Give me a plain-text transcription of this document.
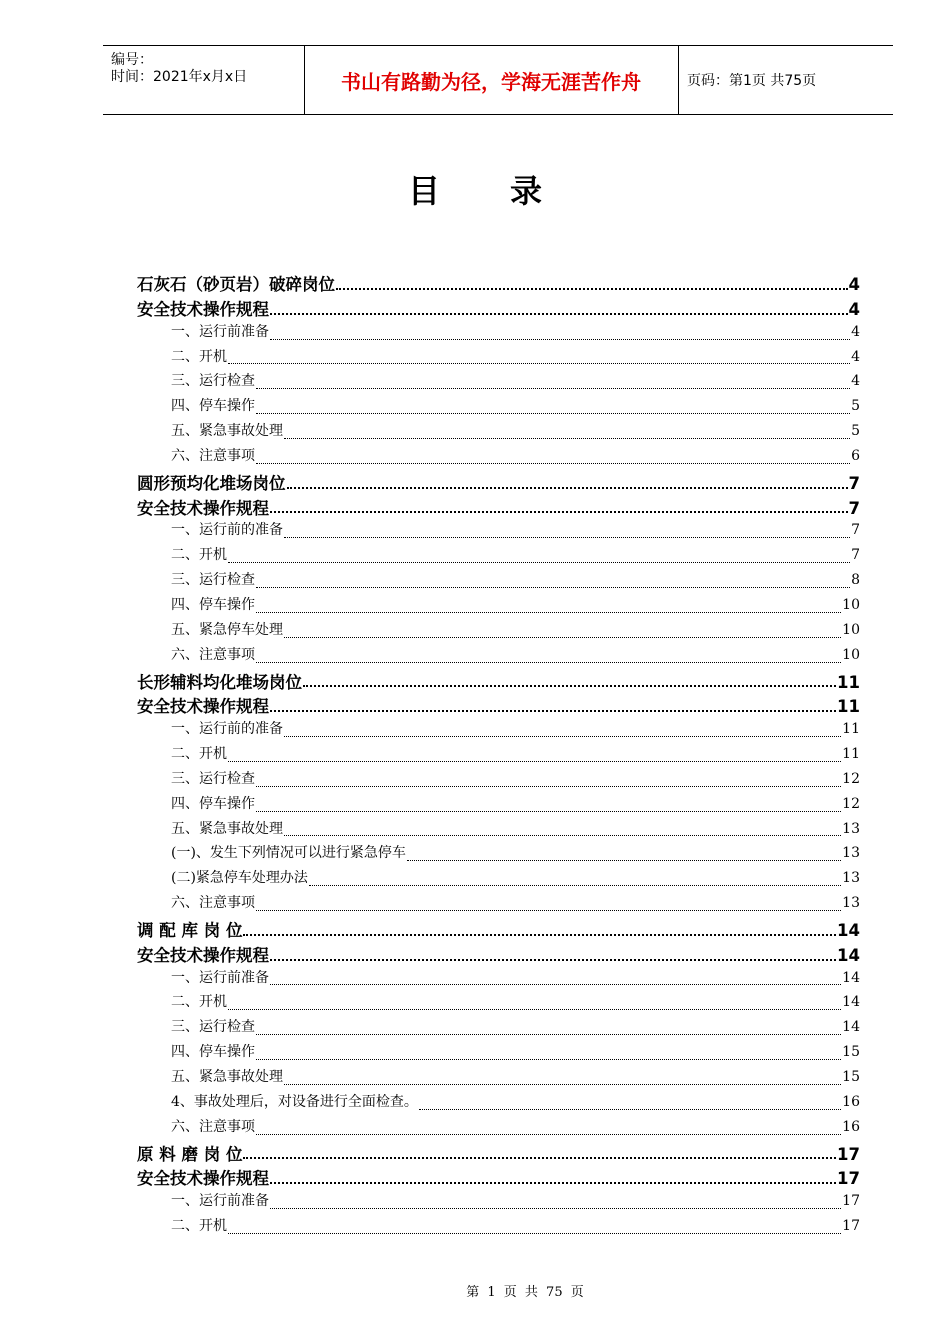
编号：
时间：2021年x月x日	书山有路勤为径，学海无涯苦作舟	页码：第1页 共75页
目录
石灰石（砂页岩）破碎岗位	4
安全技术操作规程	4
一、运行前准备	4
二、开机	4
三、运行检查	4
四、停车操作	5
五、紧急事故处理	5
六、注意事项	6
圆形预均化堆场岗位	7
安全技术操作规程	7
一、运行前的准备	7
二、开机	7
三、运行检查	8
四、停车操作	10
五、紧急停车处理	10
六、注意事项	10
长形辅料均化堆场岗位	11
安全技术操作规程	11
一、运行前的准备	11
二、开机	11
三、运行检查	12
四、停车操作	12
五、紧急事故处理	13
(一)、发生下列情况可以进行紧急停车	13
(二)紧急停车处理办法	13
六、注意事项	13
调 配 库 岗 位	14
安全技术操作规程	14
一、运行前准备	14
二、开机	14
三、运行检查	14
四、停车操作	15
五、紧急事故处理	15
4、事故处理后，对设备进行全面检查。	16
六、注意事项	16
原 料 磨 岗 位	17
安全技术操作规程	17
一、运行前准备	17
二、开机	17
第 1 页 共 75 页
